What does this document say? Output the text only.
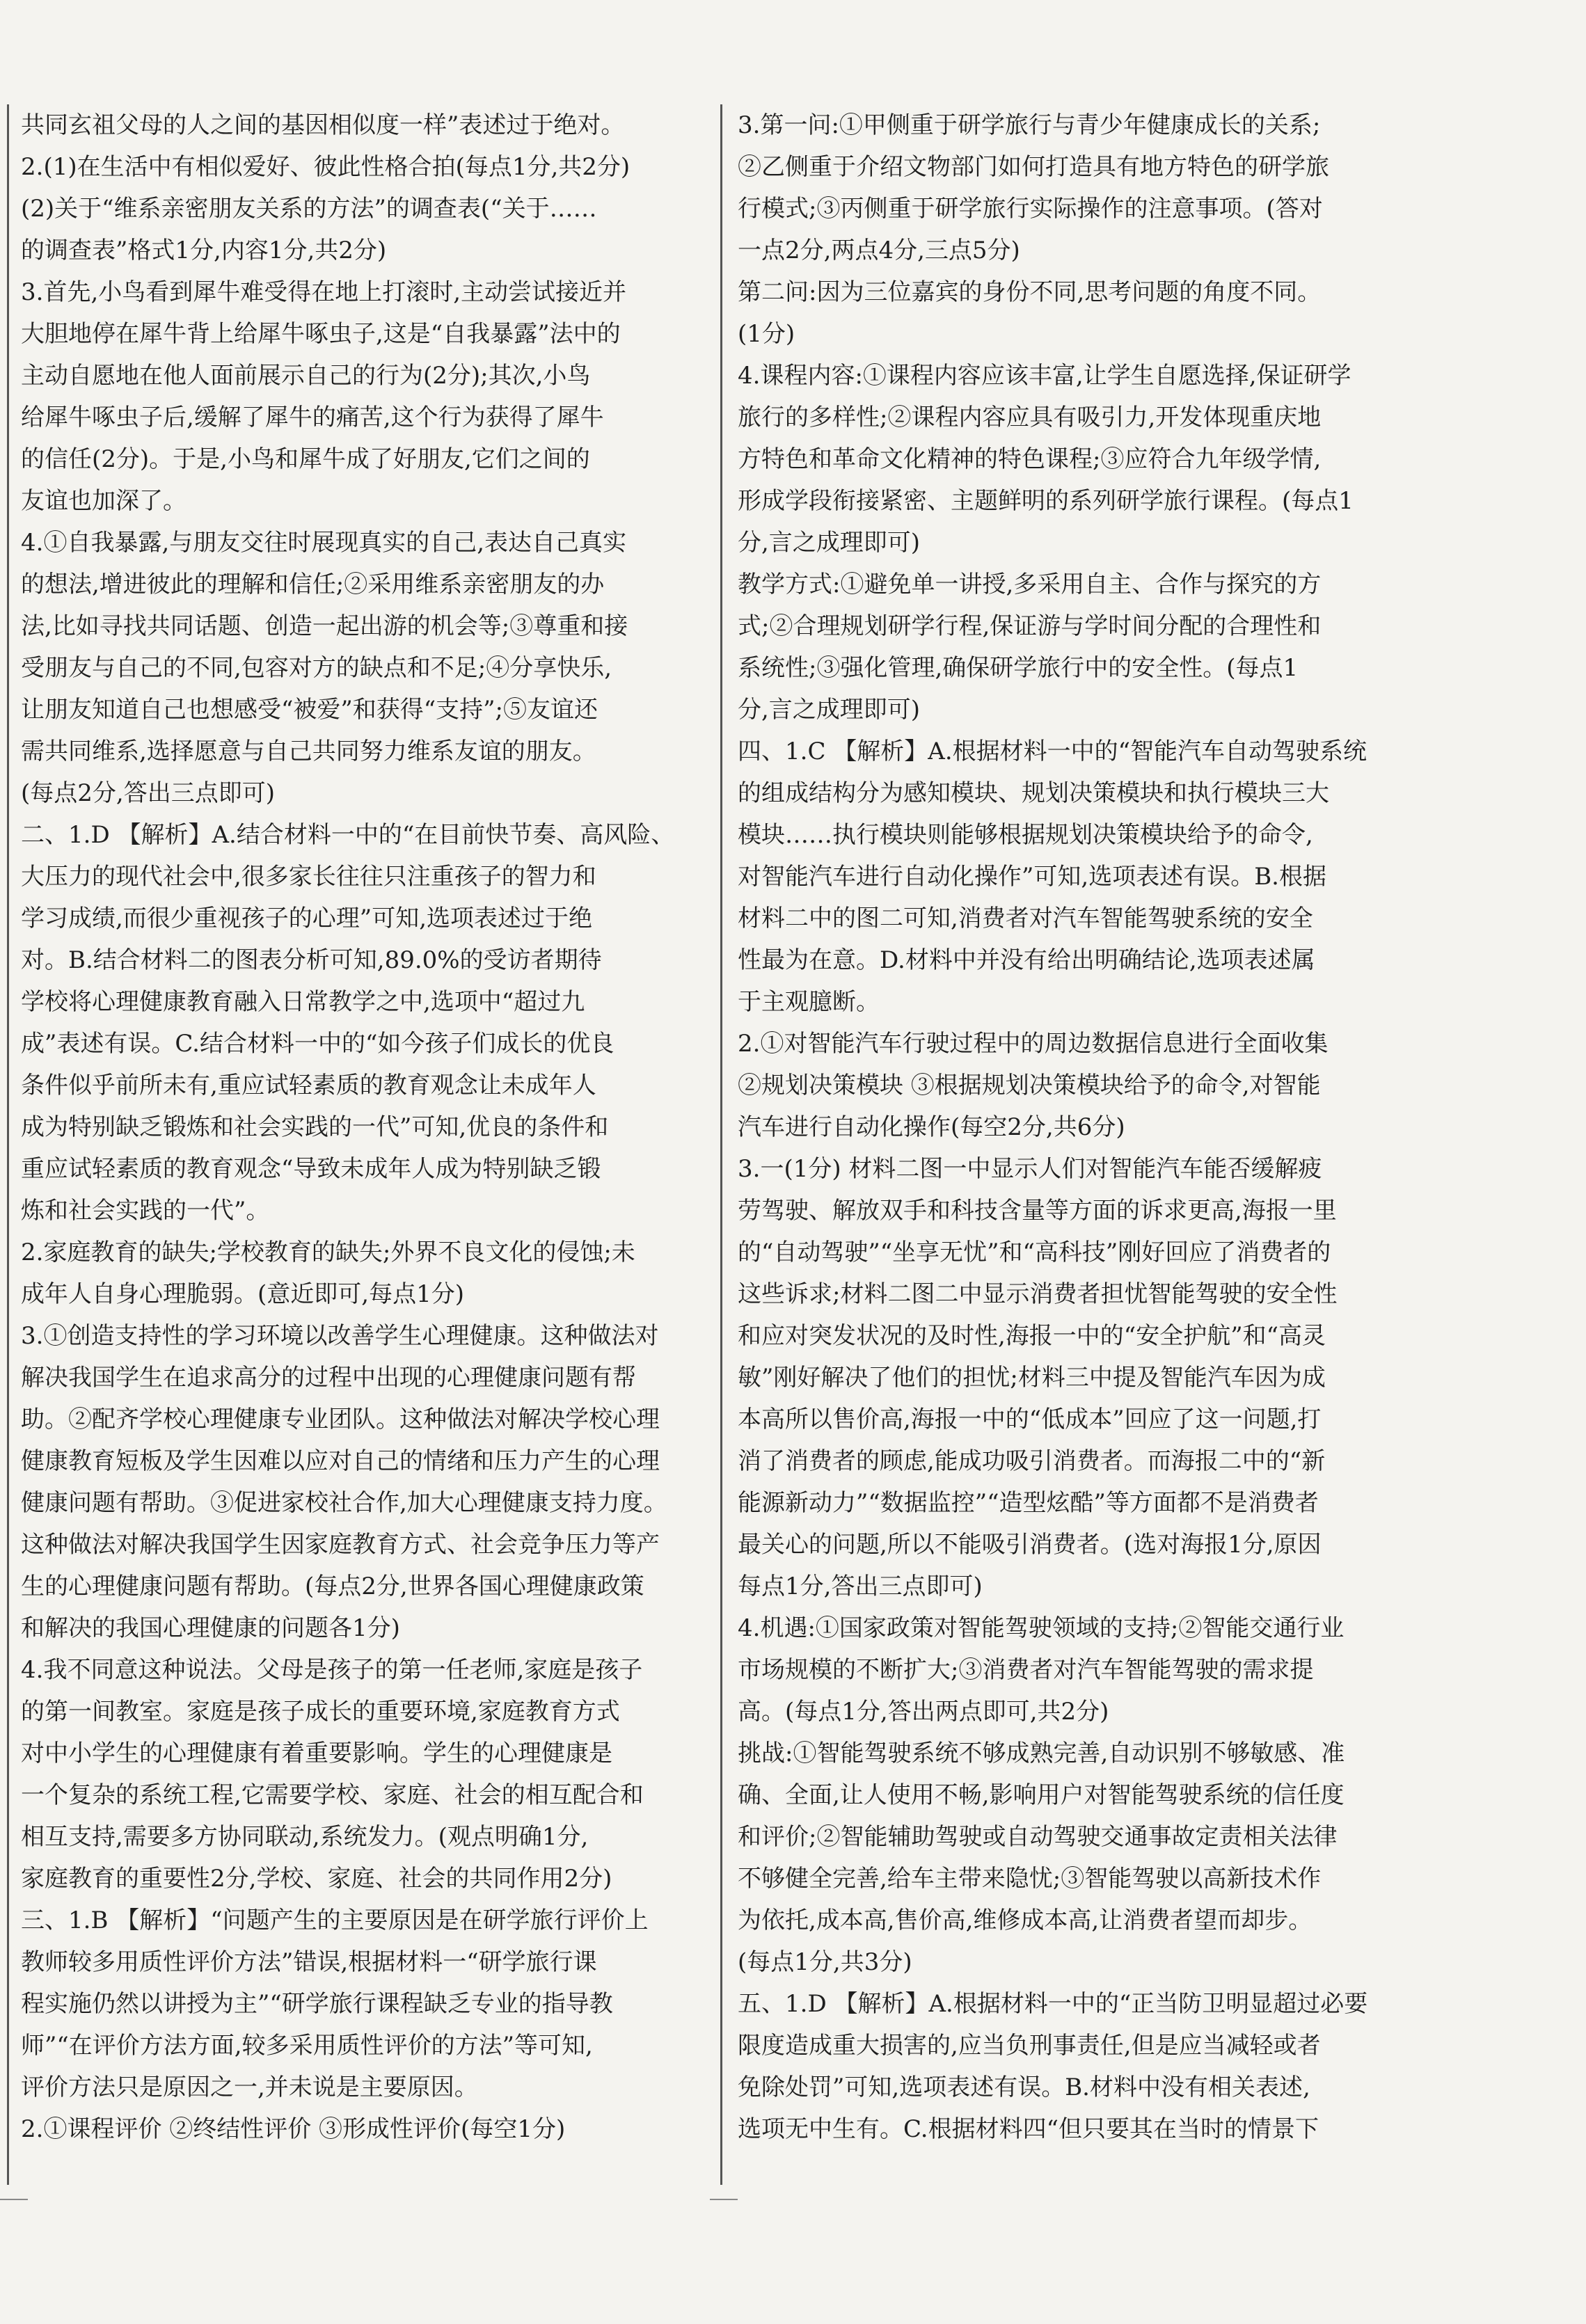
共同玄祖父母的人之间的基因相似度一样”表述过于绝对。
2.(1)在生活中有相似爱好、彼此性格合拍(每点1分,共2分)
(2)关于“维系亲密朋友关系的方法”的调查表(“关于……
的调查表”格式1分,内容1分,共2分)
3.首先,小鸟看到犀牛难受得在地上打滚时,主动尝试接近并
大胆地停在犀牛背上给犀牛啄虫子,这是“自我暴露”法中的
主动自愿地在他人面前展示自己的行为(2分);其次,小鸟
给犀牛啄虫子后,缓解了犀牛的痛苦,这个行为获得了犀牛
的信任(2分)。于是,小鸟和犀牛成了好朋友,它们之间的
友谊也加深了。
4.①自我暴露,与朋友交往时展现真实的自己,表达自己真实
的想法,增进彼此的理解和信任;②采用维系亲密朋友的办
法,比如寻找共同话题、创造一起出游的机会等;③尊重和接
受朋友与自己的不同,包容对方的缺点和不足;④分享快乐,
让朋友知道自己也想感受“被爱”和获得“支持”;⑤友谊还
需共同维系,选择愿意与自己共同努力维系友谊的朋友。
(每点2分,答出三点即可)
二、1.D 【解析】A.结合材料一中的“在目前快节奏、高风险、
大压力的现代社会中,很多家长往往只注重孩子的智力和
学习成绩,而很少重视孩子的心理”可知,选项表述过于绝
对。B.结合材料二的图表分析可知,89.0%的受访者期待
学校将心理健康教育融入日常教学之中,选项中“超过九
成”表述有误。C.结合材料一中的“如今孩子们成长的优良
条件似乎前所未有,重应试轻素质的教育观念让未成年人
成为特别缺乏锻炼和社会实践的一代”可知,优良的条件和
重应试轻素质的教育观念“导致未成年人成为特别缺乏锻
炼和社会实践的一代”。
2.家庭教育的缺失;学校教育的缺失;外界不良文化的侵蚀;未
成年人自身心理脆弱。(意近即可,每点1分)
3.①创造支持性的学习环境以改善学生心理健康。这种做法对
解决我国学生在追求高分的过程中出现的心理健康问题有帮
助。②配齐学校心理健康专业团队。这种做法对解决学校心理
健康教育短板及学生因难以应对自己的情绪和压力产生的心理
健康问题有帮助。③促进家校社合作,加大心理健康支持力度。
这种做法对解决我国学生因家庭教育方式、社会竞争压力等产
生的心理健康问题有帮助。(每点2分,世界各国心理健康政策
和解决的我国心理健康的问题各1分)
4.我不同意这种说法。父母是孩子的第一任老师,家庭是孩子
的第一间教室。家庭是孩子成长的重要环境,家庭教育方式
对中小学生的心理健康有着重要影响。学生的心理健康是
一个复杂的系统工程,它需要学校、家庭、社会的相互配合和
相互支持,需要多方协同联动,系统发力。(观点明确1分,
家庭教育的重要性2分,学校、家庭、社会的共同作用2分)
三、1.B 【解析】“问题产生的主要原因是在研学旅行评价上
教师较多用质性评价方法”错误,根据材料一“研学旅行课
程实施仍然以讲授为主”“研学旅行课程缺乏专业的指导教
师”“在评价方法方面,较多采用质性评价的方法”等可知,
评价方法只是原因之一,并未说是主要原因。
2.①课程评价 ②终结性评价 ③形成性评价(每空1分)
3.第一问:①甲侧重于研学旅行与青少年健康成长的关系;
②乙侧重于介绍文物部门如何打造具有地方特色的研学旅
行模式;③丙侧重于研学旅行实际操作的注意事项。(答对
一点2分,两点4分,三点5分)
第二问:因为三位嘉宾的身份不同,思考问题的角度不同。
(1分)
4.课程内容:①课程内容应该丰富,让学生自愿选择,保证研学
旅行的多样性;②课程内容应具有吸引力,开发体现重庆地
方特色和革命文化精神的特色课程;③应符合九年级学情,
形成学段衔接紧密、主题鲜明的系列研学旅行课程。(每点1
分,言之成理即可)
教学方式:①避免单一讲授,多采用自主、合作与探究的方
式;②合理规划研学行程,保证游与学时间分配的合理性和
系统性;③强化管理,确保研学旅行中的安全性。(每点1
分,言之成理即可)
四、1.C 【解析】A.根据材料一中的“智能汽车自动驾驶系统
的组成结构分为感知模块、规划决策模块和执行模块三大
模块……执行模块则能够根据规划决策模块给予的命令,
对智能汽车进行自动化操作”可知,选项表述有误。B.根据
材料二中的图二可知,消费者对汽车智能驾驶系统的安全
性最为在意。D.材料中并没有给出明确结论,选项表述属
于主观臆断。
2.①对智能汽车行驶过程中的周边数据信息进行全面收集
②规划决策模块 ③根据规划决策模块给予的命令,对智能
汽车进行自动化操作(每空2分,共6分)
3.一(1分) 材料二图一中显示人们对智能汽车能否缓解疲
劳驾驶、解放双手和科技含量等方面的诉求更高,海报一里
的“自动驾驶”“坐享无忧”和“高科技”刚好回应了消费者的
这些诉求;材料二图二中显示消费者担忧智能驾驶的安全性
和应对突发状况的及时性,海报一中的“安全护航”和“高灵
敏”刚好解决了他们的担忧;材料三中提及智能汽车因为成
本高所以售价高,海报一中的“低成本”回应了这一问题,打
消了消费者的顾虑,能成功吸引消费者。而海报二中的“新
能源新动力”“数据监控”“造型炫酷”等方面都不是消费者
最关心的问题,所以不能吸引消费者。(选对海报1分,原因
每点1分,答出三点即可)
4.机遇:①国家政策对智能驾驶领域的支持;②智能交通行业
市场规模的不断扩大;③消费者对汽车智能驾驶的需求提
高。(每点1分,答出两点即可,共2分)
挑战:①智能驾驶系统不够成熟完善,自动识别不够敏感、准
确、全面,让人使用不畅,影响用户对智能驾驶系统的信任度
和评价;②智能辅助驾驶或自动驾驶交通事故定责相关法律
不够健全完善,给车主带来隐忧;③智能驾驶以高新技术作
为依托,成本高,售价高,维修成本高,让消费者望而却步。
(每点1分,共3分)
五、1.D 【解析】A.根据材料一中的“正当防卫明显超过必要
限度造成重大损害的,应当负刑事责任,但是应当减轻或者
免除处罚”可知,选项表述有误。B.材料中没有相关表述,
选项无中生有。C.根据材料四“但只要其在当时的情景下
